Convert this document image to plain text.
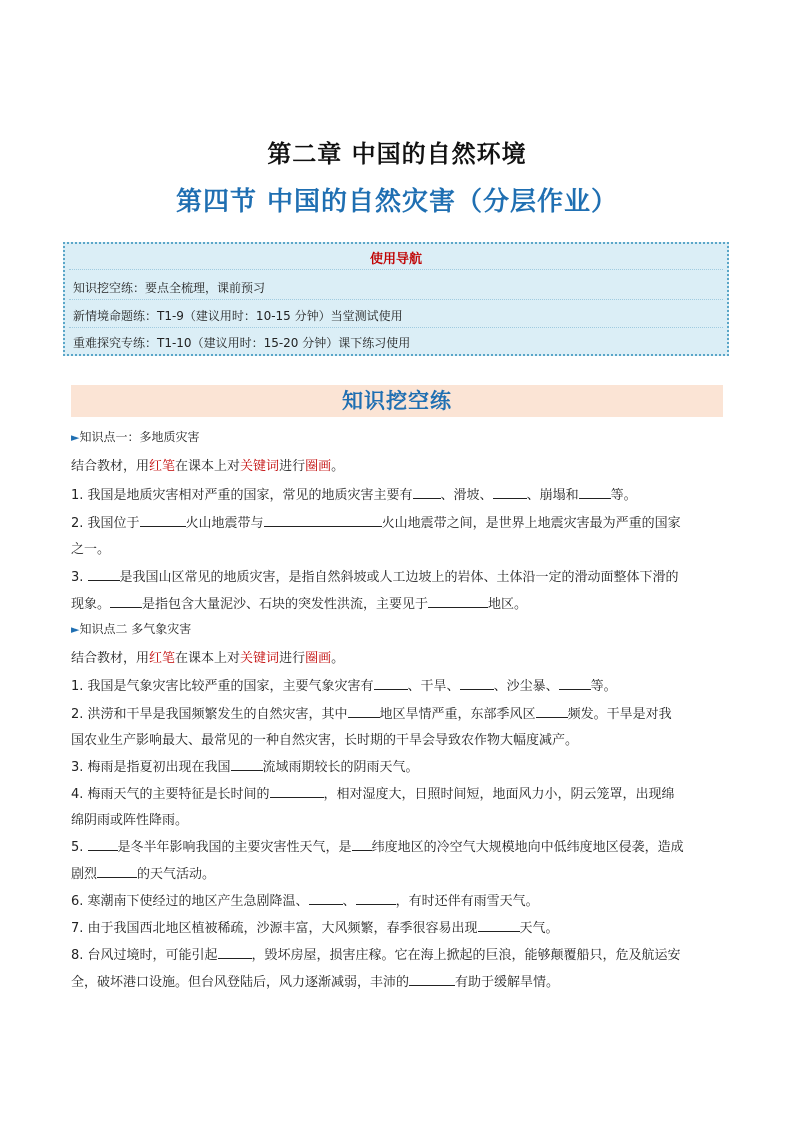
第二章 中国的自然环境
第四节 中国的自然灾害（分层作业）
使用导航
知识挖空练：要点全梳理，课前预习
新情境命题练：T1-9（建议用时：10-15 分钟）当堂测试使用
重难探究专练：T1-10（建议用时：15-20 分钟）课下练习使用
知识挖空练
►知识点一：多地质灾害
结合教材，用红笔在课本上对关键词进行圈画。
1. 我国是地质灾害相对严重的国家，常见的地质灾害主要有 、滑坡、	、崩塌和 等。
2. 我国位于	火山地震带与	火山地震带之间，是世界上地震灾害最为严重的国家
之一。
3. 是我国山区常见的地质灾害，是指自然斜坡或人工边坡上的岩体、土体沿一定的滑动面整体下滑的
现象。 是指包含大量泥沙、石块的突发性洪流，主要见于	地区。
►知识点二 多气象灾害
结合教材，用红笔在课本上对关键词进行圈画。
1. 我国是气象灾害比较严重的国家，主要气象灾害有	、干旱、	、沙尘暴、 等。
2. 洪涝和干旱是我国频繁发生的自然灾害，其中 地区旱情严重，东部季风区 频发。干旱是对我
国农业生产影响最大、最常见的一种自然灾害，长时期的干旱会导致农作物大幅度减产。
3. 梅雨是指夏初出现在我国 流域雨期较长的阴雨天气。
4. 梅雨天气的主要特征是长时间的	，相对湿度大，日照时间短，地面风力小，阴云笼罩，出现绵
绵阴雨或阵性降雨。
5. 是冬半年影响我国的主要灾害性天气，是 纬度地区的冷空气大规模地向中低纬度地区侵袭，造成
剧烈	的天气活动。
6. 寒潮南下使经过的地区产生急剧降温、	、	，有时还伴有雨雪天气。
7. 由于我国西北地区植被稀疏，沙源丰富，大风频繁，春季很容易出现	天气。
8. 台风过境时，可能引起	，毁坏房屋，损害庄稼。它在海上掀起的巨浪，能够颠覆船只，危及航运安
全，破坏港口设施。但台风登陆后，风力逐渐减弱，丰沛的	有助于缓解旱情。
